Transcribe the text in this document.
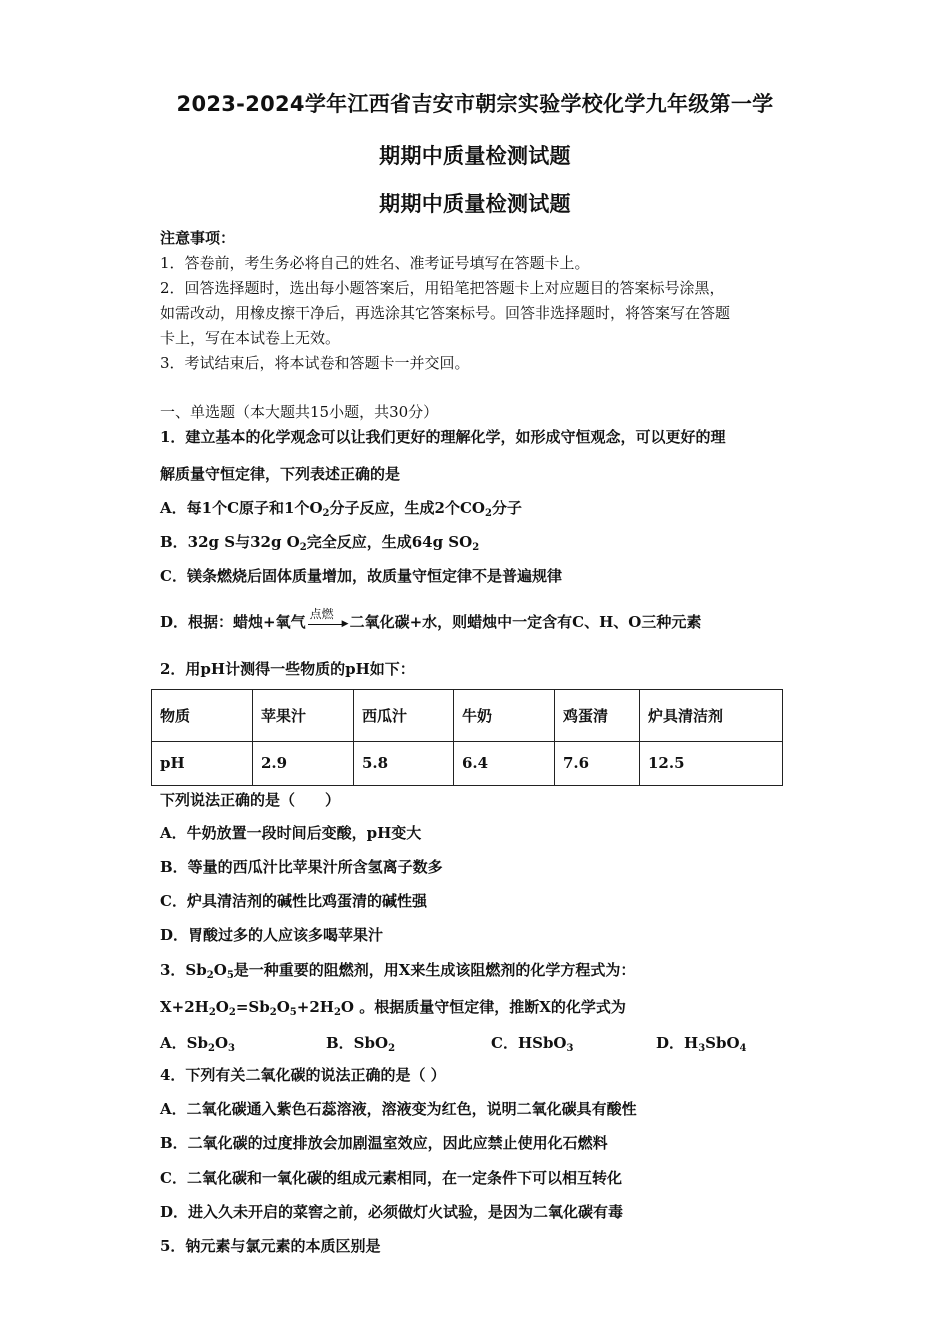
2023-2024学年江西省吉安市朝宗实验学校化学九年级第一学
期期中质量检测试题
期期中质量检测试题
注意事项：
1．答卷前，考生务必将自己的姓名、准考证号填写在答题卡上。
2．回答选择题时，选出每小题答案后，用铅笔把答题卡上对应题目的答案标号涂黑，
如需改动，用橡皮擦干净后，再选涂其它答案标号。回答非选择题时，将答案写在答题
卡上，写在本试卷上无效。
3．考试结束后，将本试卷和答题卡一并交回。
一、单选题（本大题共15小题，共30分）
1．建立基本的化学观念可以让我们更好的理解化学，如形成守恒观念，可以更好的理
解质量守恒定律，下列表述正确的是
A．每1个C原子和1个$O_2$分子反应，生成2个$CO_2$分子
B．32g S与32g $O_2$完全反应，生成64g $SO_2$
C．镁条燃烧后固体质量增加，故质量守恒定律不是普遍规律
D．根据：蜡烛+氧气 点燃
▶ 二氧化碳+水，则蜡烛中一定含有C、H、O三种元素
2．用pH计测得一些物质的pH如下：
物质	苹果汁	西瓜汁	牛奶	鸡蛋清	炉具清洁剂
pH	2.9	5.8	6.4	7.6	12.5
下列说法正确的是（　　）
A．牛奶放置一段时间后变酸，pH变大
B．等量的西瓜汁比苹果汁所含氢离子数多
C．炉具清洁剂的碱性比鸡蛋清的碱性强
D．胃酸过多的人应该多喝苹果汁
3．$Sb_2O_5$是一种重要的阻燃剂，用X来生成该阻燃剂的化学方程式为：
$X+2H_2O_2=Sb_2O_5+2H_2O$ 。根据质量守恒定律，推断X的化学式为
A．$Sb_2O_3$	B．SbO$_2$	C．HSbO$_3$	D．$H_3SbO_4$
4．下列有关二氧化碳的说法正确的是（ ）
A．二氧化碳通入紫色石蕊溶液，溶液变为红色，说明二氧化碳具有酸性
B．二氧化碳的过度排放会加剧温室效应，因此应禁止使用化石燃料
C．二氧化碳和一氧化碳的组成元素相同，在一定条件下可以相互转化
D．进入久未开启的菜窖之前，必须做灯火试验，是因为二氧化碳有毒
5．钠元素与氯元素的本质区别是
